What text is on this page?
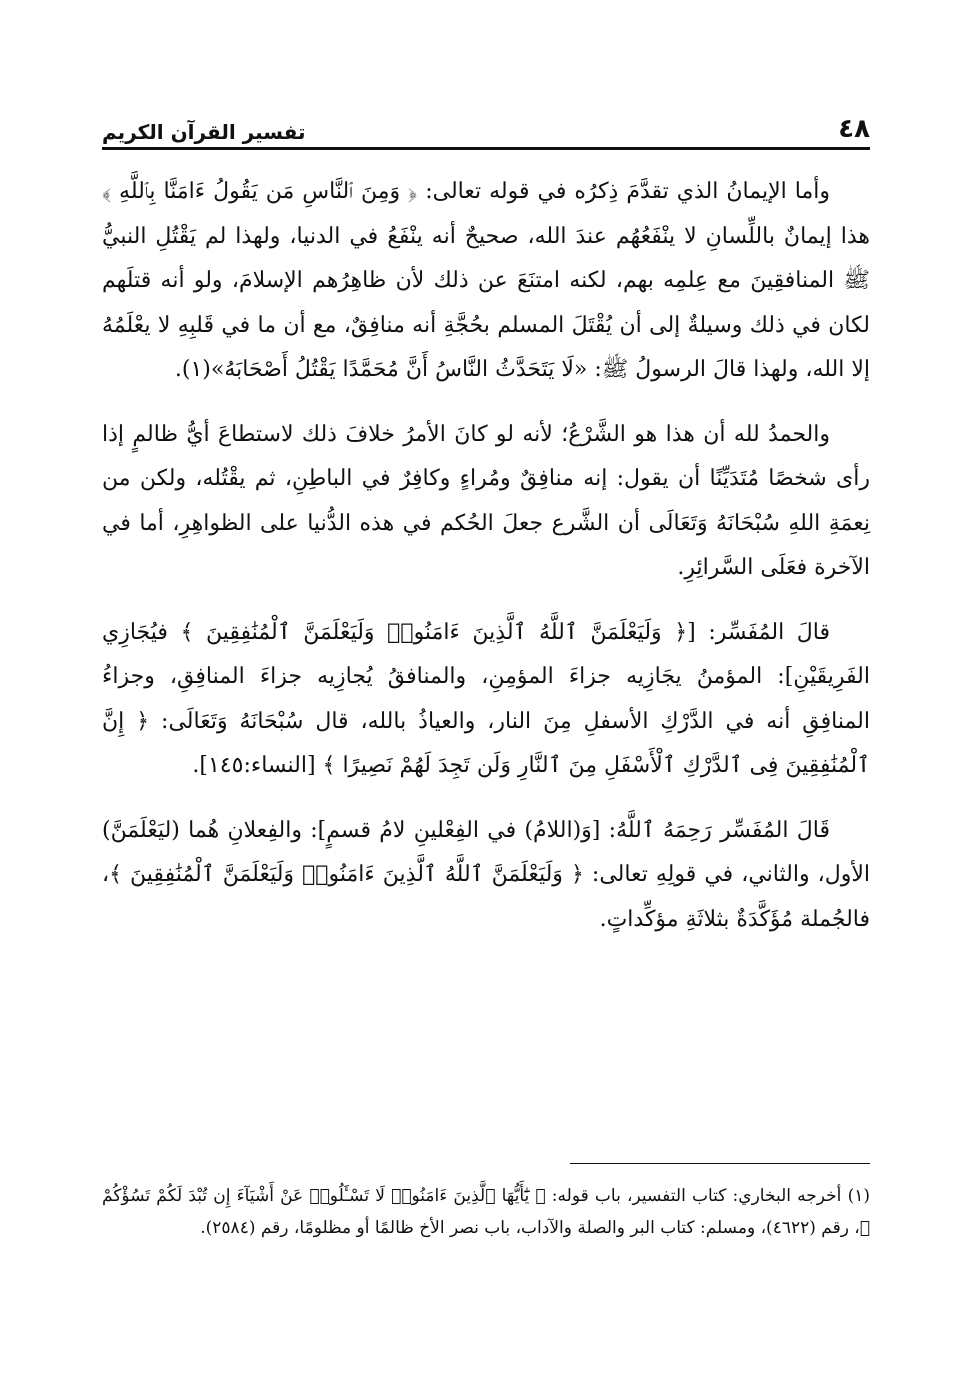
٤٨
تفسير القرآن الكريم

وأما الإيمانُ الذي تقدَّمَ ذِكرُه في قوله تعالى: ﴿ وَمِنَ ٱلنَّاسِ مَن يَقُولُ ءَامَنَّا بِٱللَّهِ ﴾ هذا إيمانٌ باللِّسانِ لا ينْفَعُهُم عندَ الله، صحيحٌ أنه ينْفَعُ في الدنيا، ولهذا لم يَقْتُلِ النبيُّ ﷺ المنافقِينَ مع عِلمِه بهم، لكنه امتنَعَ عن ذلك لأن ظاهِرُهم الإسلامَ، ولو أنه قتلَهم لكان في ذلك وسيلةٌ إلى أن يُقْتَلَ المسلم بحُجَّةِ أنه منافِقٌ، مع أن ما في قَلبِهِ لا يعْلَمُهُ إلا الله، ولهذا قالَ الرسولُ ﷺ: «لَا يَتَحَدَّثُ النَّاسُ أَنَّ مُحَمَّدًا يَقْتُلُ أَصْحَابَهُ»(١).

والحمدُ لله أن هذا هو الشَّرْعُ؛ لأنه لو كانَ الأمرُ خلافَ ذلك لاستطاعَ أيُّ ظالمٍ إذا رأى شخصًا مُتَدَيِّنًا أن يقول: إنه منافِقٌ ومُراءٍ وكافِرٌ في الباطِنِ، ثم يقْتُله، ولكن من نِعمَةِ اللهِ سُبْحَانَهُ وَتَعَالَى أن الشَّرع جعلَ الحُكم في هذه الدُّنيا على الظواهِرِ، أما في الآخرة فعَلَى السَّرائِرِ.

قالَ المُفَسِّر: [﴿ وَلَيَعْلَمَنَّ ٱللَّهُ ٱلَّذِينَ ءَامَنُوا۟ وَلَيَعْلَمَنَّ ٱلْمُنَٰفِقِينَ ﴾ فيُجَازِي الفَرِيقَيْنِ]: المؤمنُ يجَازِيه جزاءَ المؤمِنِ، والمنافقُ يُجازِيه جزاءَ المنافِقِ، وجزاءُ المنافِقِ أنه في الدَّرْكِ الأسفلِ مِنَ النار، والعياذُ بالله، قال سُبْحَانَهُ وَتَعَالَى: ﴿ إِنَّ ٱلْمُنَٰفِقِينَ فِى ٱلدَّرْكِ ٱلْأَسْفَلِ مِنَ ٱلنَّارِ وَلَن تَجِدَ لَهُمْ نَصِيرًا ﴾ [النساء:١٤٥].

قَالَ المُفَسِّر رَحِمَهُ ٱللَّهُ: [وَ(اللامُ) في الفِعْلينِ لامُ قسمٍ]: والفِعلانِ هُما (ليَعْلَمَنَّ) الأول، والثاني، في قولِهِ تعالى: ﴿ وَلَيَعْلَمَنَّ ٱللَّهُ ٱلَّذِينَ ءَامَنُوا۟ وَلَيَعْلَمَنَّ ٱلْمُنَٰفِقِينَ ﴾، فالجُملة مُؤَكَّدَةٌ بثلاثَةِ مؤكِّداتٍ.

(١) أخرجه البخاري: كتاب التفسير، باب قوله: ﴿ يَٰٓأَيُّهَا ٱلَّذِينَ ءَامَنُوا۟ لَا تَسْـَٔلُوا۟ عَنْ أَشْيَآءَ إِن تُبْدَ لَكُمْ تَسُؤْكُمْ ﴾، رقم (٤٦٢٢)، ومسلم: كتاب البر والصلة والآداب، باب نصر الأخ ظالمًا أو مظلومًا، رقم (٢٥٨٤).
